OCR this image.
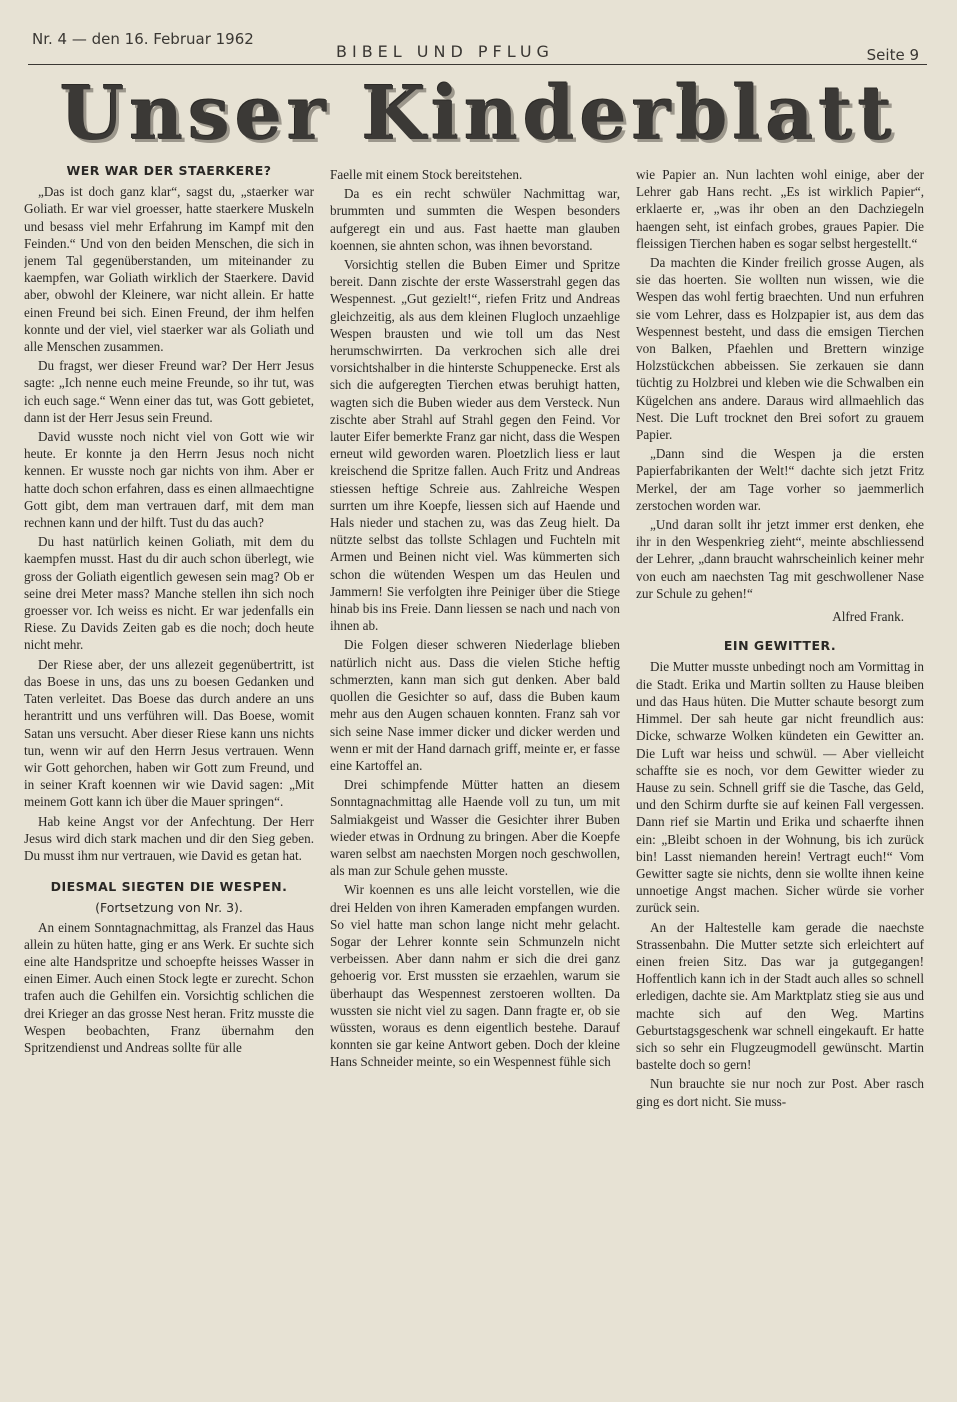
Nr. 4 — den 16. Februar 1962
BIBEL UND PFLUG	Seite 9
Unser Kinderblatt
WER WAR DER STAERKERE?

„Das ist doch ganz klar“, sagst du, „staerker war Goliath. Er war viel groesser, hatte staerkere Muskeln und besass viel mehr Erfahrung im Kampf mit den Feinden.“ Und von den beiden Menschen, die sich in jenem Tal gegenüberstanden, um miteinander zu kaempfen, war Goliath wirklich der Staerkere. David aber, obwohl der Kleinere, war nicht allein. Er hatte einen Freund bei sich. Einen Freund, der ihm helfen konnte und der viel, viel staerker war als Goliath und alle Menschen zusammen.

Du fragst, wer dieser Freund war? Der Herr Jesus sagte: „Ich nenne euch meine Freunde, so ihr tut, was ich euch sage.“ Wenn einer das tut, was Gott gebietet, dann ist der Herr Jesus sein Freund.

David wusste noch nicht viel von Gott wie wir heute. Er konnte ja den Herrn Jesus noch nicht kennen. Er wusste noch gar nichts von ihm. Aber er hatte doch schon erfahren, dass es einen allmaechtigne Gott gibt, dem man vertrauen darf, mit dem man rechnen kann und der hilft. Tust du das auch?

Du hast natürlich keinen Goliath, mit dem du kaempfen musst. Hast du dir auch schon überlegt, wie gross der Goliath eigentlich gewesen sein mag? Ob er seine drei Meter mass? Manche stellen ihn sich noch groesser vor. Ich weiss es nicht. Er war jedenfalls ein Riese. Zu Davids Zeiten gab es die noch; doch heute nicht mehr.

Der Riese aber, der uns allezeit gegenübertritt, ist das Boese in uns, das uns zu boesen Gedanken und Taten verleitet. Das Boese das durch andere an uns herantritt und uns verführen will. Das Boese, womit Satan uns versucht. Aber dieser Riese kann uns nichts tun, wenn wir auf den Herrn Jesus vertrauen. Wenn wir Gott gehorchen, haben wir Gott zum Freund, und in seiner Kraft koennen wir wie David sagen: „Mit meinem Gott kann ich über die Mauer springen“.

Hab keine Angst vor der Anfechtung. Der Herr Jesus wird dich stark machen und dir den Sieg geben. Du musst ihm nur vertrauen, wie David es getan hat.

DIESMAL SIEGTEN DIE WESPEN.

(Fortsetzung von Nr. 3).

An einem Sonntagnachmittag, als Franzel das Haus allein zu hüten hatte, ging er ans Werk. Er suchte sich eine alte Handspritze und schoepfte heisses Wasser in einen Eimer. Auch einen Stock legte er zurecht. Schon trafen auch die Gehilfen ein. Vorsichtig schlichen die drei Krieger an das grosse Nest heran. Fritz musste die Wespen beobachten, Franz übernahm den Spritzendienst und Andreas sollte für alle

Faelle mit einem Stock bereitstehen.

Da es ein recht schwüler Nachmittag war, brummten und summten die Wespen besonders aufgeregt ein und aus. Fast haette man glauben koennen, sie ahnten schon, was ihnen bevorstand.

Vorsichtig stellen die Buben Eimer und Spritze bereit. Dann zischte der erste Wasserstrahl gegen das Wespennest. „Gut gezielt!“, riefen Fritz und Andreas gleichzeitig, als aus dem kleinen Flugloch unzaehlige Wespen brausten und wie toll um das Nest herumschwirrten. Da verkrochen sich alle drei vorsichtshalber in die hinterste Schuppenecke. Erst als sich die aufgeregten Tierchen etwas beruhigt hatten, wagten sich die Buben wieder aus dem Versteck. Nun zischte aber Strahl auf Strahl gegen den Feind. Vor lauter Eifer bemerkte Franz gar nicht, dass die Wespen erneut wild geworden waren. Ploetzlich liess er laut kreischend die Spritze fallen. Auch Fritz und Andreas stiessen heftige Schreie aus. Zahlreiche Wespen surrten um ihre Koepfe, liessen sich auf Haende und Hals nieder und stachen zu, was das Zeug hielt. Da nützte selbst das tollste Schlagen und Fuchteln mit Armen und Beinen nicht viel. Was kümmerten sich schon die wütenden Wespen um das Heulen und Jammern! Sie verfolgten ihre Peiniger über die Stiege hinab bis ins Freie. Dann liessen se nach und nach von ihnen ab.

Die Folgen dieser schweren Niederlage blieben natürlich nicht aus. Dass die vielen Stiche heftig schmerzten, kann man sich gut denken. Aber bald quollen die Gesichter so auf, dass die Buben kaum mehr aus den Augen schauen konnten. Franz sah vor sich seine Nase immer dicker und dicker werden und wenn er mit der Hand darnach griff, meinte er, er fasse eine Kartoffel an.

Drei schimpfende Mütter hatten an diesem Sonntagnachmittag alle Haende voll zu tun, um mit Salmiakgeist und Wasser die Gesichter ihrer Buben wieder etwas in Ordnung zu bringen. Aber die Koepfe waren selbst am naechsten Morgen noch geschwollen, als man zur Schule gehen musste.

Wir koennen es uns alle leicht vorstellen, wie die drei Helden von ihren Kameraden empfangen wurden. So viel hatte man schon lange nicht mehr gelacht. Sogar der Lehrer konnte sein Schmunzeln nicht verbeissen. Aber dann nahm er sich die drei ganz gehoerig vor. Erst mussten sie erzaehlen, warum sie überhaupt das Wespennest zerstoeren wollten. Da wussten sie nicht viel zu sagen. Dann fragte er, ob sie wüssten, woraus es denn eigentlich bestehe. Darauf konnten sie gar keine Antwort geben. Doch der kleine Hans Schneider meinte, so ein Wespennest fühle sich

wie Papier an. Nun lachten wohl einige, aber der Lehrer gab Hans recht. „Es ist wirklich Papier“, erklaerte er, „was ihr oben an den Dachziegeln haengen seht, ist einfach grobes, graues Papier. Die fleissigen Tierchen haben es sogar selbst hergestellt.“

Da machten die Kinder freilich grosse Augen, als sie das hoerten. Sie wollten nun wissen, wie die Wespen das wohl fertig braechten. Und nun erfuhren sie vom Lehrer, dass es Holzpapier ist, aus dem das Wespennest besteht, und dass die emsigen Tierchen von Balken, Pfaehlen und Brettern winzige Holzstückchen abbeissen. Sie zerkauen sie dann tüchtig zu Holzbrei und kleben wie die Schwalben ein Kügelchen ans andere. Daraus wird allmaehlich das Nest. Die Luft trocknet den Brei sofort zu grauem Papier.

„Dann sind die Wespen ja die ersten Papierfabrikanten der Welt!“ dachte sich jetzt Fritz Merkel, der am Tage vorher so jaemmerlich zerstochen worden war.

„Und daran sollt ihr jetzt immer erst denken, ehe ihr in den Wespenkrieg zieht“, meinte abschliessend der Lehrer, „dann braucht wahrscheinlich keiner mehr von euch am naechsten Tag mit geschwollener Nase zur Schule zu gehen!“

Alfred Frank.

EIN GEWITTER.

Die Mutter musste unbedingt noch am Vormittag in die Stadt. Erika und Martin sollten zu Hause bleiben und das Haus hüten. Die Mutter schaute besorgt zum Himmel. Der sah heute gar nicht freundlich aus: Dicke, schwarze Wolken kündeten ein Gewitter an. Die Luft war heiss und schwül. — Aber vielleicht schaffte sie es noch, vor dem Gewitter wieder zu Hause zu sein. Schnell griff sie die Tasche, das Geld, und den Schirm durfte sie auf keinen Fall vergessen. Dann rief sie Martin und Erika und schaerfte ihnen ein: „Bleibt schoen in der Wohnung, bis ich zurück bin! Lasst niemanden herein! Vertragt euch!“ Vom Gewitter sagte sie nichts, denn sie wollte ihnen keine unnoetige Angst machen. Sicher würde sie vorher zurück sein.

An der Haltestelle kam gerade die naechste Strassenbahn. Die Mutter setzte sich erleichtert auf einen freien Sitz. Das war ja gutgegangen! Hoffentlich kann ich in der Stadt auch alles so schnell erledigen, dachte sie. Am Marktplatz stieg sie aus und machte sich auf den Weg. Martins Geburtstagsgeschenk war schnell eingekauft. Er hatte sich so sehr ein Flugzeugmodell gewünscht. Martin bastelte doch so gern!

Nun brauchte sie nur noch zur Post. Aber rasch ging es dort nicht. Sie muss-
